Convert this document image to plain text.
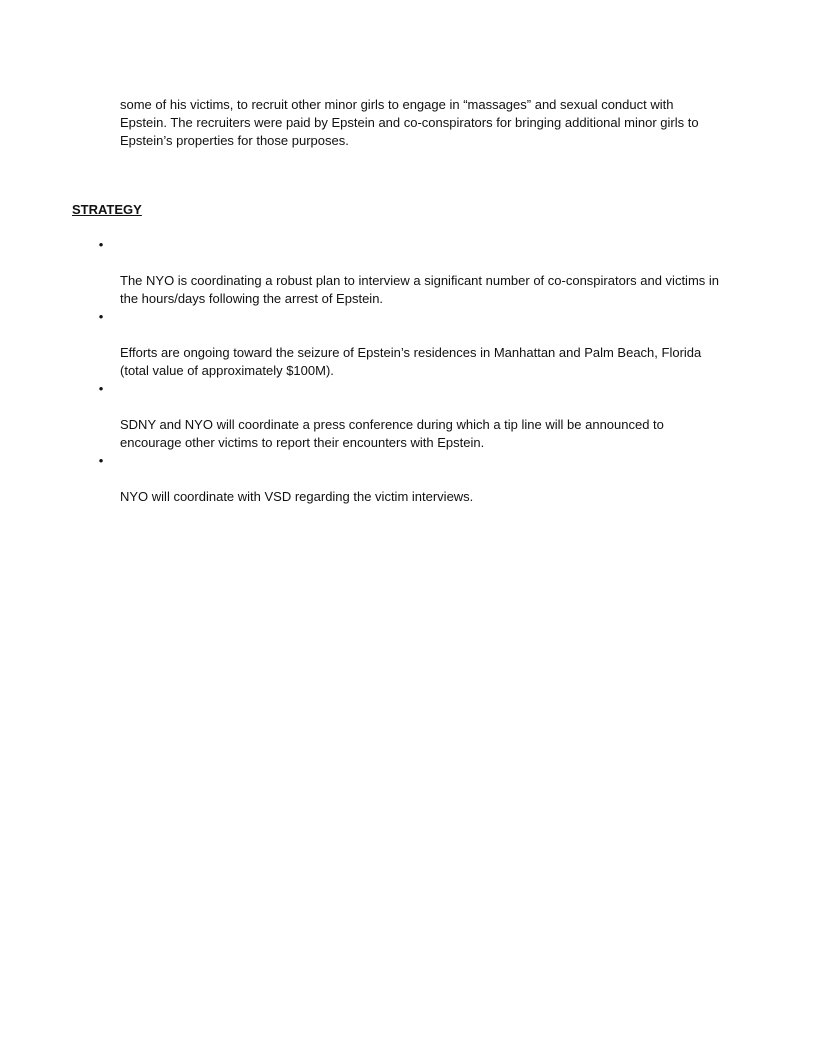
some of his victims, to recruit other minor girls to engage in “massages” and sexual conduct with
Epstein. The recruiters were paid by Epstein and co-conspirators for bringing additional minor girls to
Epstein’s properties for those purposes.

STRATEGY

•

The NYO is coordinating a robust plan to interview a significant number of co-conspirators and victims in
the hours/days following the arrest of Epstein.

•

Efforts are ongoing toward the seizure of Epstein’s residences in Manhattan and Palm Beach, Florida
(total value of approximately $100M).

•

SDNY and NYO will coordinate a press conference during which a tip line will be announced to
encourage other victims to report their encounters with Epstein.

•

NYO will coordinate with VSD regarding the victim interviews.
